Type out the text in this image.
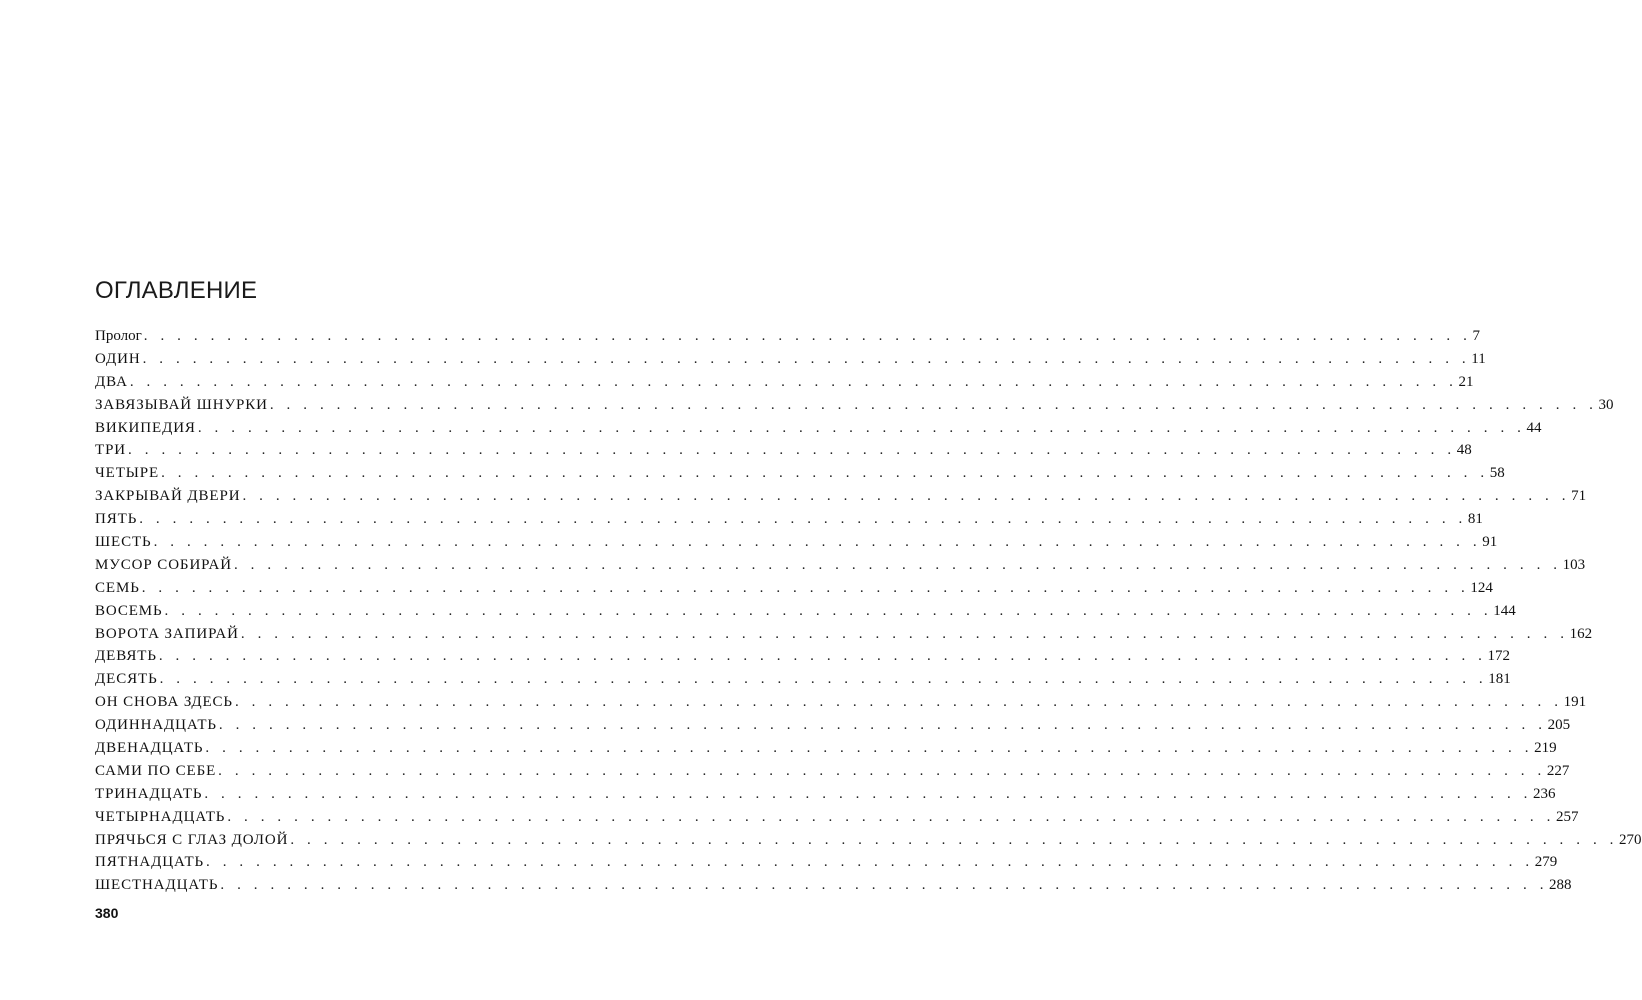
ОГЛАВЛЕНИЕ
Пролог . . . . . . . . . . . . . . . . . . . . . . . . . . . . . . . . . . . . . . . . . . . . . . . . . . . . . . . . . . . . . . . . . . . . . . . . . . . . . . . . 7
ОДИН . . . . . . . . . . . . . . . . . . . . . . . . . . . . . . . . . . . . . . . . . . . . . . . . . . . . . . . . . . . . . . . . . . . . . . . . . . . . . . . . 11
ДВА . . . . . . . . . . . . . . . . . . . . . . . . . . . . . . . . . . . . . . . . . . . . . . . . . . . . . . . . . . . . . . . . . . . . . . . . . . . . . . . . 21
ЗАВЯЗЫВАЙ ШНУРКИ . . . . . . . . . . . . . . . . . . . . . . . . . . . . . . . . . . . . . . . . . . . . . . . . . . . . . . . . . . . . . . . . . . . . . . . . . . . . . . . . 30
ВИКИПЕДИЯ . . . . . . . . . . . . . . . . . . . . . . . . . . . . . . . . . . . . . . . . . . . . . . . . . . . . . . . . . . . . . . . . . . . . . . . . . . . . . . . . 44
ТРИ . . . . . . . . . . . . . . . . . . . . . . . . . . . . . . . . . . . . . . . . . . . . . . . . . . . . . . . . . . . . . . . . . . . . . . . . . . . . . . . . 48
ЧЕТЫРЕ . . . . . . . . . . . . . . . . . . . . . . . . . . . . . . . . . . . . . . . . . . . . . . . . . . . . . . . . . . . . . . . . . . . . . . . . . . . . . . . . 58
ЗАКРЫВАЙ ДВЕРИ . . . . . . . . . . . . . . . . . . . . . . . . . . . . . . . . . . . . . . . . . . . . . . . . . . . . . . . . . . . . . . . . . . . . . . . . . . . . . . . . 71
ПЯТЬ . . . . . . . . . . . . . . . . . . . . . . . . . . . . . . . . . . . . . . . . . . . . . . . . . . . . . . . . . . . . . . . . . . . . . . . . . . . . . . . . 81
ШЕСТЬ . . . . . . . . . . . . . . . . . . . . . . . . . . . . . . . . . . . . . . . . . . . . . . . . . . . . . . . . . . . . . . . . . . . . . . . . . . . . . . . . 91
МУСОР СОБИРАЙ . . . . . . . . . . . . . . . . . . . . . . . . . . . . . . . . . . . . . . . . . . . . . . . . . . . . . . . . . . . . . . . . . . . . . . . . . . . . . . . . 103
СЕМЬ . . . . . . . . . . . . . . . . . . . . . . . . . . . . . . . . . . . . . . . . . . . . . . . . . . . . . . . . . . . . . . . . . . . . . . . . . . . . . . . . 124
ВОСЕМЬ . . . . . . . . . . . . . . . . . . . . . . . . . . . . . . . . . . . . . . . . . . . . . . . . . . . . . . . . . . . . . . . . . . . . . . . . . . . . . . . . 144
ВОРОТА ЗАПИРАЙ . . . . . . . . . . . . . . . . . . . . . . . . . . . . . . . . . . . . . . . . . . . . . . . . . . . . . . . . . . . . . . . . . . . . . . . . . . . . . . . . 162
ДЕВЯТЬ . . . . . . . . . . . . . . . . . . . . . . . . . . . . . . . . . . . . . . . . . . . . . . . . . . . . . . . . . . . . . . . . . . . . . . . . . . . . . . . . 172
ДЕСЯТЬ . . . . . . . . . . . . . . . . . . . . . . . . . . . . . . . . . . . . . . . . . . . . . . . . . . . . . . . . . . . . . . . . . . . . . . . . . . . . . . . . 181
ОН СНОВА ЗДЕСЬ . . . . . . . . . . . . . . . . . . . . . . . . . . . . . . . . . . . . . . . . . . . . . . . . . . . . . . . . . . . . . . . . . . . . . . . . . . . . . . . . 191
ОДИННАДЦАТЬ . . . . . . . . . . . . . . . . . . . . . . . . . . . . . . . . . . . . . . . . . . . . . . . . . . . . . . . . . . . . . . . . . . . . . . . . . . . . . . . . 205
ДВЕНАДЦАТЬ . . . . . . . . . . . . . . . . . . . . . . . . . . . . . . . . . . . . . . . . . . . . . . . . . . . . . . . . . . . . . . . . . . . . . . . . . . . . . . . . 219
САМИ ПО СЕБЕ . . . . . . . . . . . . . . . . . . . . . . . . . . . . . . . . . . . . . . . . . . . . . . . . . . . . . . . . . . . . . . . . . . . . . . . . . . . . . . . . 227
ТРИНАДЦАТЬ . . . . . . . . . . . . . . . . . . . . . . . . . . . . . . . . . . . . . . . . . . . . . . . . . . . . . . . . . . . . . . . . . . . . . . . . . . . . . . . . 236
ЧЕТЫРНАДЦАТЬ . . . . . . . . . . . . . . . . . . . . . . . . . . . . . . . . . . . . . . . . . . . . . . . . . . . . . . . . . . . . . . . . . . . . . . . . . . . . . . . . 257
ПРЯЧЬСЯ С ГЛАЗ ДОЛОЙ . . . . . . . . . . . . . . . . . . . . . . . . . . . . . . . . . . . . . . . . . . . . . . . . . . . . . . . . . . . . . . . . . . . . . . . . . . . . . . . . 270
ПЯТНАДЦАТЬ . . . . . . . . . . . . . . . . . . . . . . . . . . . . . . . . . . . . . . . . . . . . . . . . . . . . . . . . . . . . . . . . . . . . . . . . . . . . . . . . 279
ШЕСТНАДЦАТЬ . . . . . . . . . . . . . . . . . . . . . . . . . . . . . . . . . . . . . . . . . . . . . . . . . . . . . . . . . . . . . . . . . . . . . . . . . . . . . . . . 288
380
